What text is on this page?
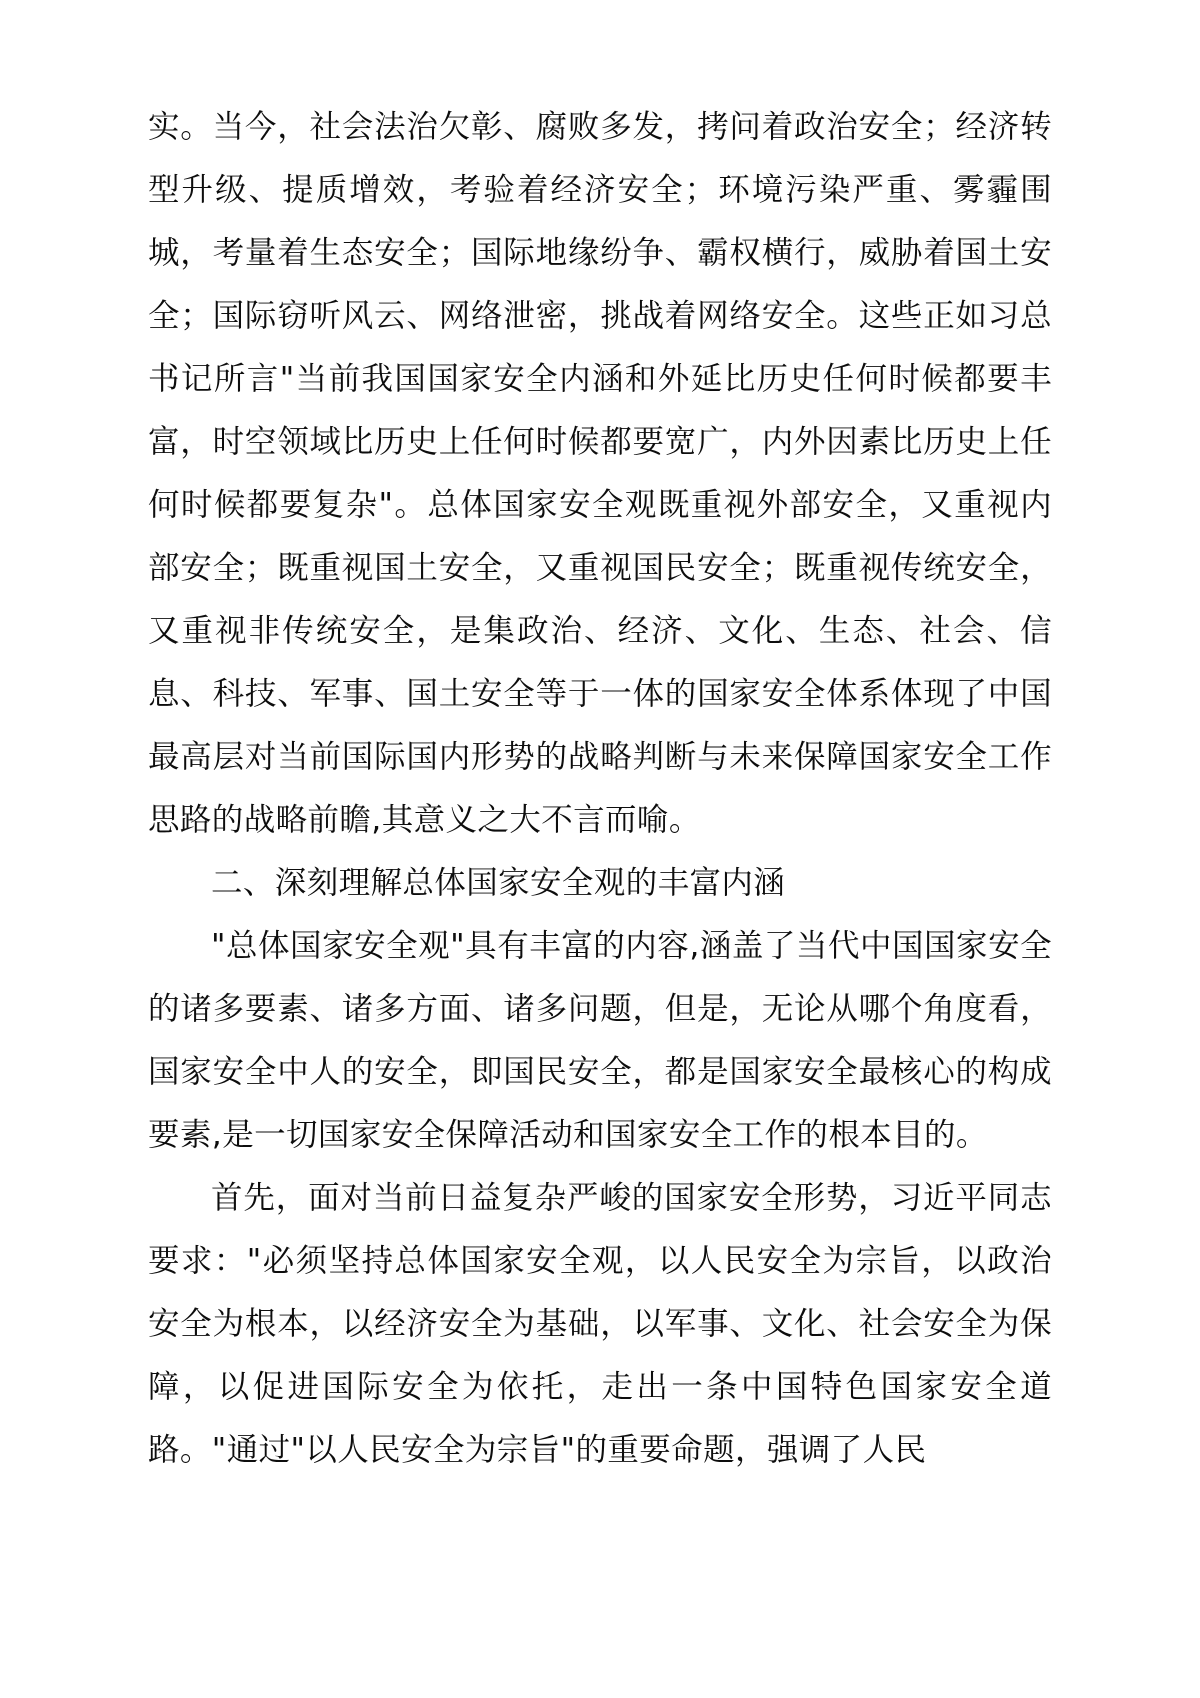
实。当今，社会法治欠彰、腐败多发，拷问着政治安全；经济转型升级、提质增效，考验着经济安全；环境污染严重、雾霾围城，考量着生态安全；国际地缘纷争、霸权横行，威胁着国土安全；国际窃听风云、网络泄密，挑战着网络安全。这些正如习总书记所言"当前我国国家安全内涵和外延比历史任何时候都要丰富，时空领域比历史上任何时候都要宽广，内外因素比历史上任何时候都要复杂"。总体国家安全观既重视外部安全，又重视内部安全；既重视国土安全，又重视国民安全；既重视传统安全，又重视非传统安全，是集政治、经济、文化、生态、社会、信息、科技、军事、国土安全等于一体的国家安全体系体现了中国最高层对当前国际国内形势的战略判断与未来保障国家安全工作思路的战略前瞻,其意义之大不言而喻。

二、深刻理解总体国家安全观的丰富内涵

"总体国家安全观"具有丰富的内容,涵盖了当代中国国家安全的诸多要素、诸多方面、诸多问题，但是，无论从哪个角度看，国家安全中人的安全，即国民安全，都是国家安全最核心的构成要素,是一切国家安全保障活动和国家安全工作的根本目的。

首先，面对当前日益复杂严峻的国家安全形势，习近平同志要求："必须坚持总体国家安全观，以人民安全为宗旨，以政治安全为根本，以经济安全为基础，以军事、文化、社会安全为保障，以促进国际安全为依托，走出一条中国特色国家安全道路。"通过"以人民安全为宗旨"的重要命题，强调了人民
